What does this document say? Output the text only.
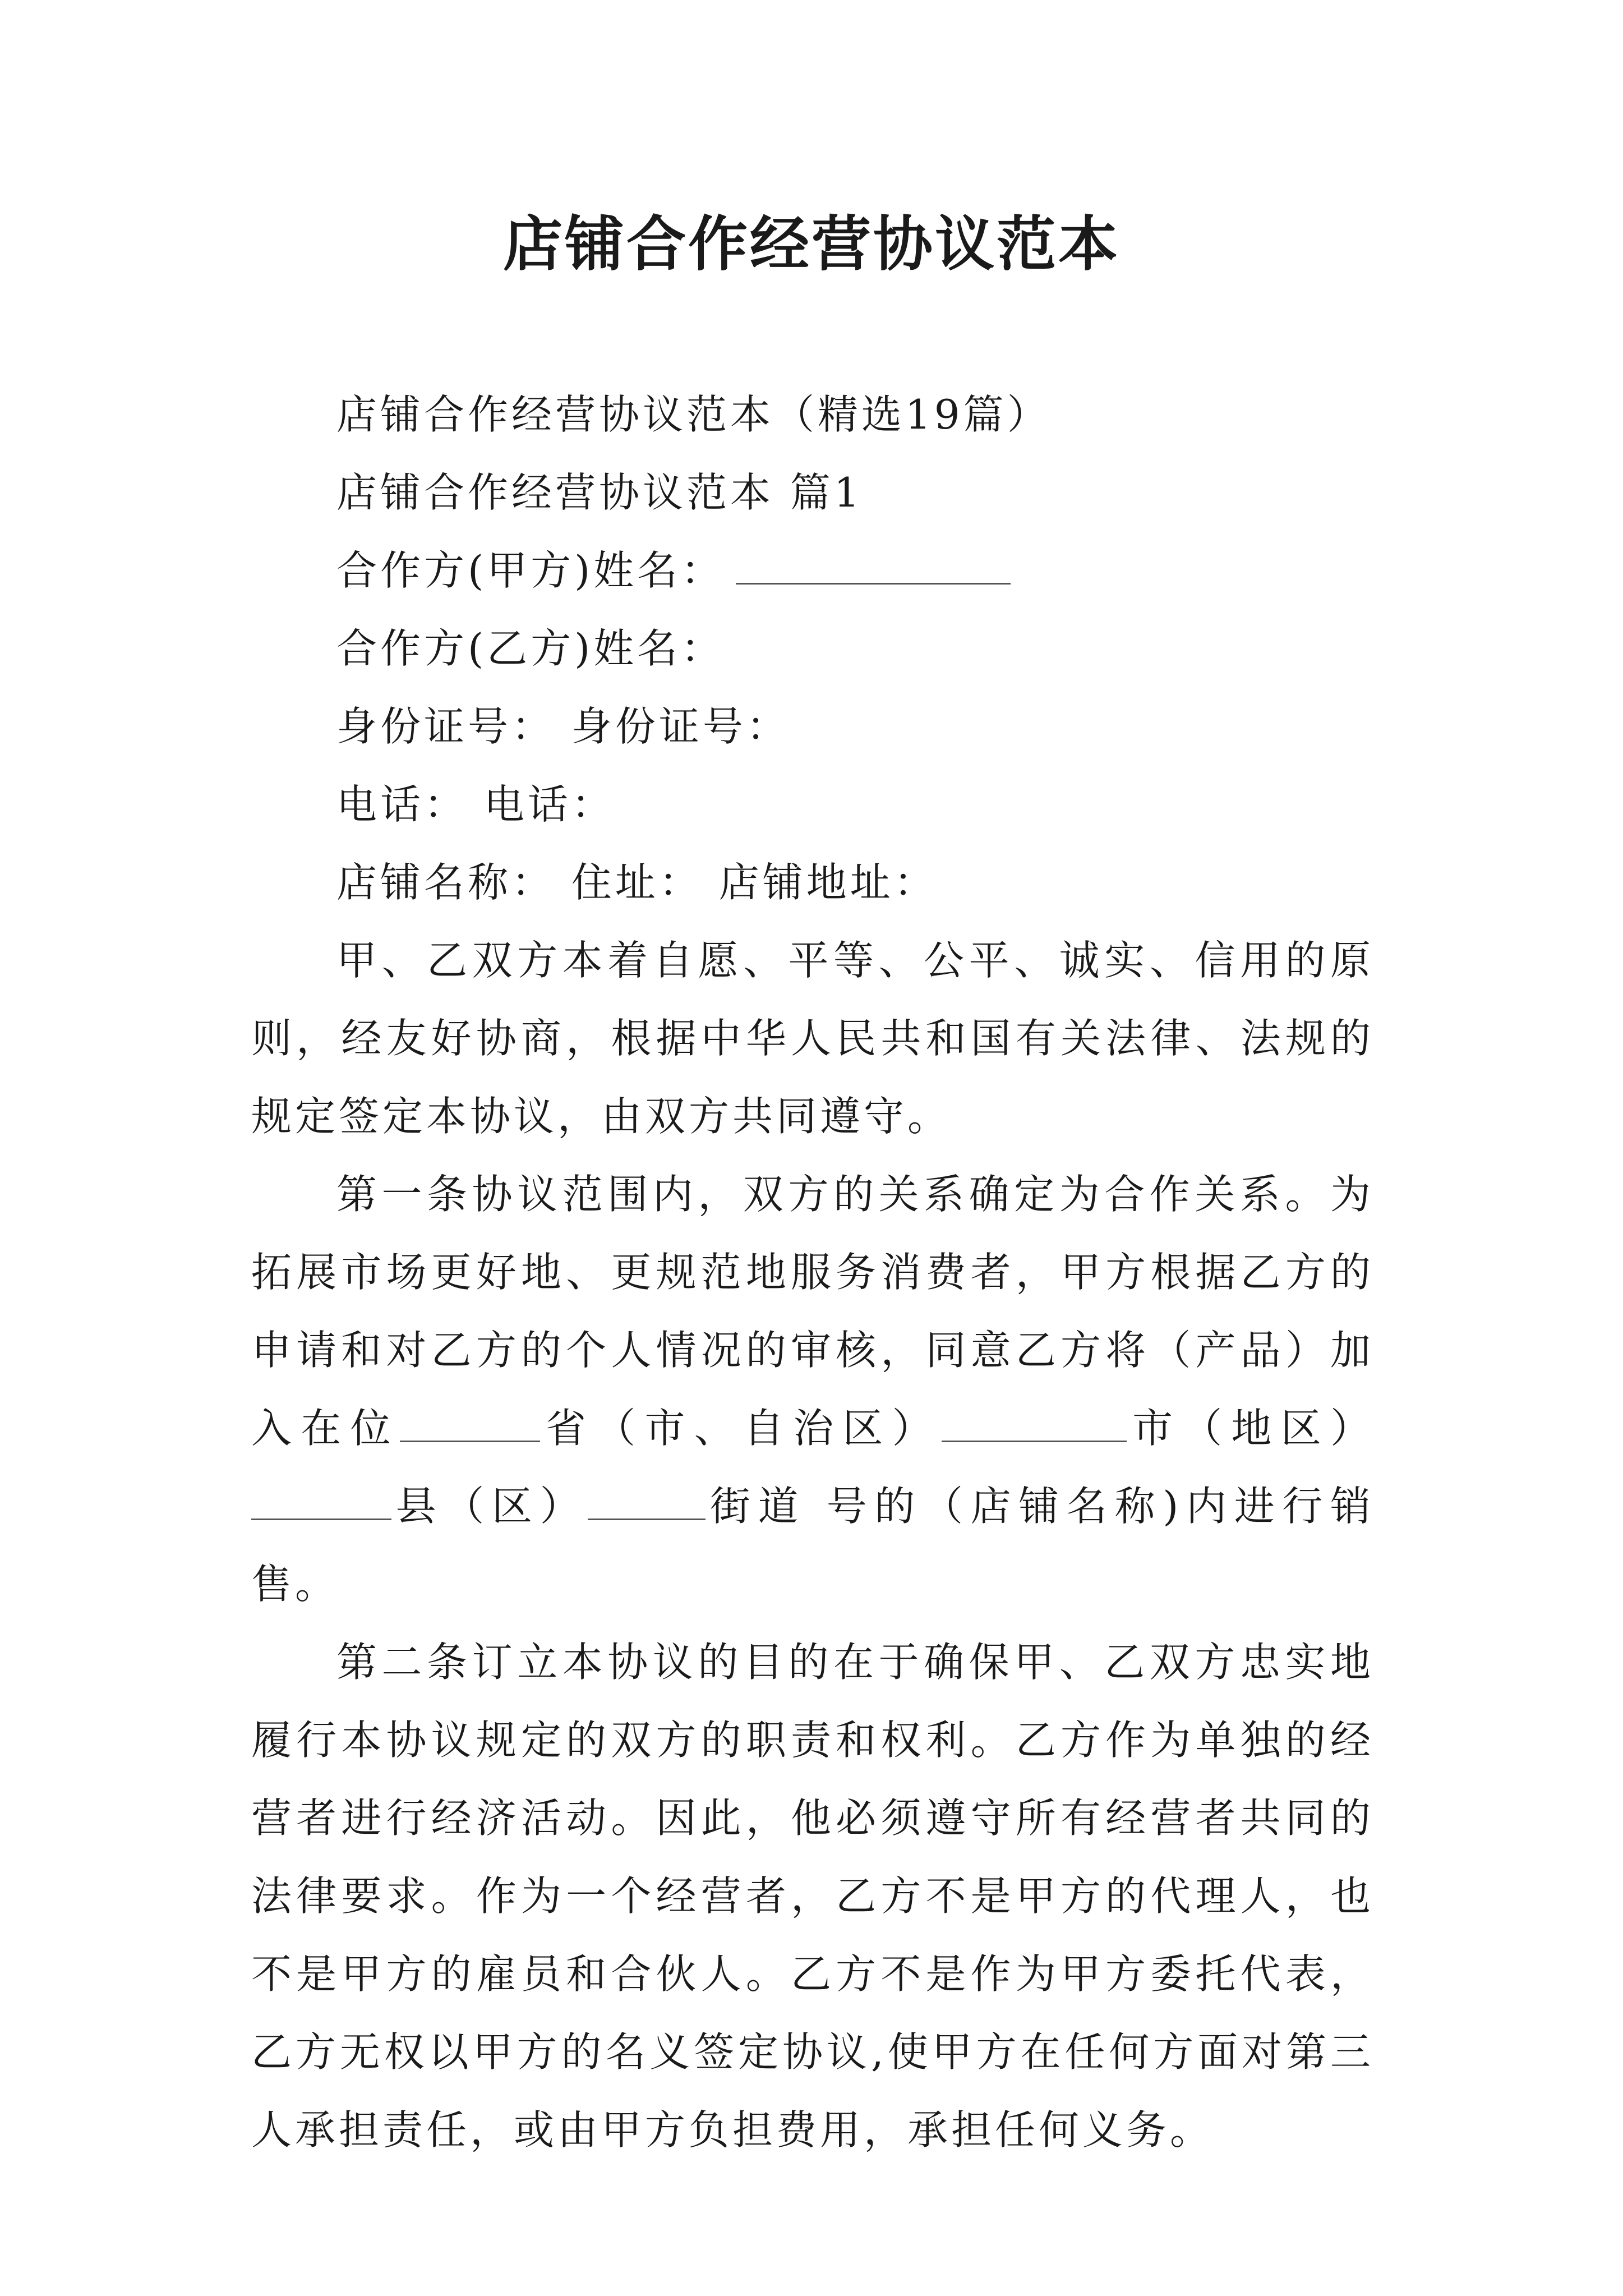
店铺合作经营协议范本
店铺合作经营协议范本（精选19篇）
店铺合作经营协议范本 篇1
合作方(甲方)姓名：
合作方(乙方)姓名：
身份证号： 身份证号：
电话： 电话：
店铺名称： 住址： 店铺地址：
甲、乙双方本着自愿、平等、公平、诚实、信用的原则，经友好协商，根据中华人民共和国有关法律、法规的规定签定本协议，由双方共同遵守。
第一条协议范围内，双方的关系确定为合作关系。为拓展市场更好地、更规范地服务消费者，甲方根据乙方的申请和对乙方的个人情况的审核，同意乙方将（产品）加入在位	省（市、自治区）	市（地区）县（区）	街道 号的（店铺名称)内进行销售。
第二条订立本协议的目的在于确保甲、乙双方忠实地履行本协议规定的双方的职责和权利。乙方作为单独的经营者进行经济活动。因此，他必须遵守所有经营者共同的法律要求。作为一个经营者，乙方不是甲方的代理人，也不是甲方的雇员和合伙人。乙方不是作为甲方委托代表，乙方无权以甲方的名义签定协议,使甲方在任何方面对第三人承担责任，或由甲方负担费用，承担任何义务。
